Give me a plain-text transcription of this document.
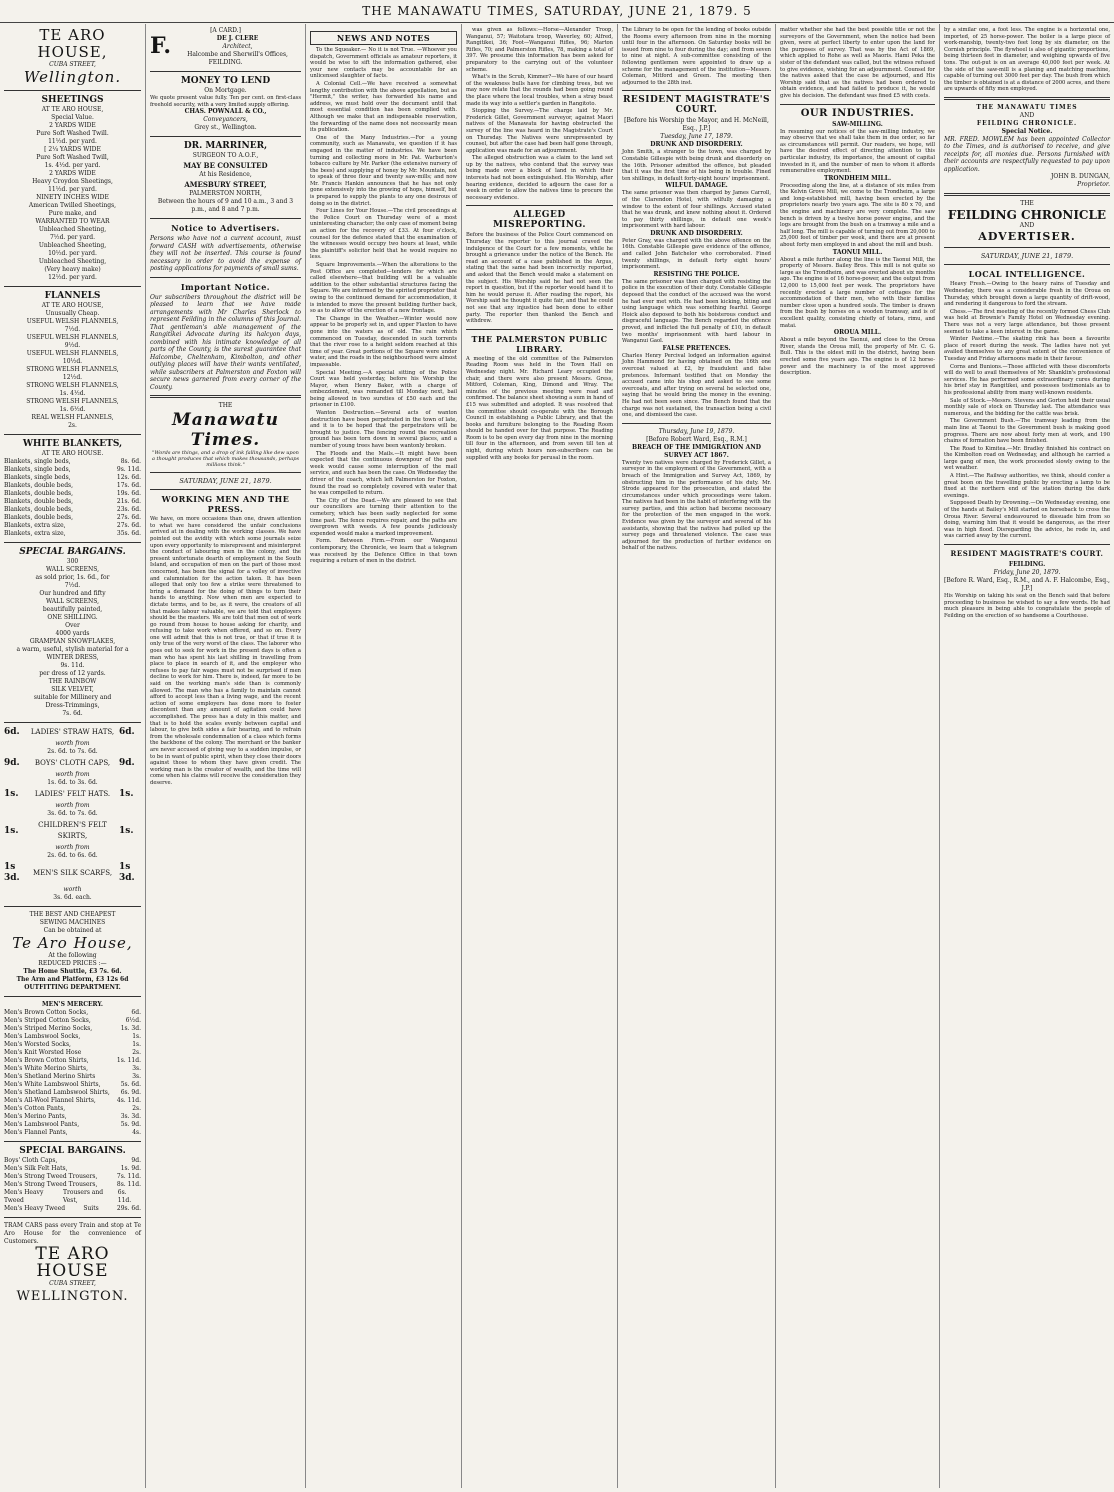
THE MANAWATU TIMES, SATURDAY, JUNE 21, 1879. 5
TE ARO HOUSE,
CUBA STREET,
Wellington.
SHEETINGS
AT TE ARO HOUSE,
Special Value.
2 YARDS WIDE
Pure Soft Washed Twill.
11½d. per yard.
[ 2¼ YARDS WIDE
Pure Soft Washed Twill,
1s. 4½d. per yard.
2 YARDS WIDE
Heavy Croydon Sheetings,
11½d. per yard.
NINETY INCHES WIDE
American Twilled Sheetings,
Pure make, and
WARRANTED TO WEAR
Unbleached Sheeting,
7½d. per yard.
Unbleached Sheeting,
10½d. per yard.
Unbleached Sheeting,
(Very heavy make)
12½d. per yard.
FLANNELS
AT TE ARO HOUSE,
Unusually Cheap.
USEFUL WELSH FLANNELS,
7½d.
USEFUL WELSH FLANNELS,
9½d.
USEFUL WELSH FLANNELS,
10½d.
STRONG WELSH FLANNELS,
12½d.
STRONG WELSH FLANNELS,
1s. 4½d.
STRONG WELSH FLANNELS,
1s. 6½d.
REAL WELSH FLANNELS,
2s.
WHITE BLANKETS,
AT TE ARO HOUSE.
Blankets, single beds,	8s. 6d.
Blankets, single beds,	9s. 11d.
Blankets, single beds,	12s. 6d.
Blankets, double beds,	17s. 6d.
Blankets, double beds,	19s. 6d.
Blankets, double beds,	21s. 6d.
Blankets, double beds,	23s. 6d.
Blankets, double beds,	27s. 6d.
Blankets, extra size,	27s. 6d.
Blankets, extra size,	35s. 6d.
SPECIAL BARGAINS.
300
WALL SCREENS,
as sold prior, 1s. 6d., for
7½d.
Our hundred and fifty
WALL SCREENS,
beautifully painted,
ONE SHILLING.
Over
4000 yards
GRAMPIAN SNOWFLAKES,
a warm, useful, stylish material for a
WINTER DRESS,
9s. 11d.
per dress of 12 yards.
THE RAINBOW
SILK VELVET,
suitable for Millinery and
Dress-Trimmings,
7s. 6d.
6d.	LADIES' STRAW HATS, 6d.
worth from
2s. 6d. to 7s. 6d.
9d.	BOYS' CLOTH CAPS, 9d.
worth from
1s. 6d. to 3s. 6d.
1s.	LADIES' FELT HATS. 1s.
worth from
3s. 6d. to 7s. 6d.
1s.
CHILDREN'S FELT SKIRTS,
1s.
worth from
2s. 6d. to 6s. 6d.
1s 3d.
MEN'S SILK SCARFS,
1s 3d.
worth
3s. 6d. each.
THE BEST AND CHEAPEST
SEWING MACHINES
Can be obtained at
Te Aro House,
At the following
REDUCED PRICES :—
The Home Shuttle, £3 7s. 6d.
The Arm and Platform, £3 12s 6d
OUTFITTING DEPARTMENT.
MEN'S MERCERY.
Men's Brown Cotton Socks,	6d.
Men's Striped Cotton Socks,	6½d.
Men's Striped Merino Socks,	1s. 3d.
Men's Lambswool Socks,	1s.
Men's Worsted Socks,	1s.
Men's Knit Worsted Hose	2s.
Men's Brown Cotton Shirts,	1s. 11d.
Men's White Merino Shirts,	3s.
Men's Shetland Merino Shirts	3s.
Men's White Lambswool Shirts,	5s. 6d.
Men's Shetland Lambswool Shirts, 6s. 9d.
Men's All-Wool Flannel Shirts,	4s. 11d.
Men's Cotton Pants,	2s.
Men's Merino Pants,	3s. 3d.
Men's Lambswool Pants,	5s. 9d.
Men's Flannel Pants,	4s.
SPECIAL BARGAINS.
Boys' Cloth Caps,	9d.
Men's Silk Felt Hats,	1s. 9d.
Men's Strong Tweed Trousers,	7s. 11d.
Men's Strong Tweed Trousers,	8s. 11d.
Men's Heavy Tweed
Trousers and Vest,
6s. 11d.
Men's Heavy Tweed	Suits	29s. 6d.
TRAM CARS pass every Train and stop at Te Aro House for the convenience of Customers.
TE ARO HOUSE
CUBA STREET,
WELLINGTON.
[A CARD.]
F.	DE J. CLERE
Architect,
Halcombe and Sherwill's Offices,
FEILDING.
MONEY TO LEND
On Mortgage.
We quote present value fully. Ten per cent. on first-class freehold security, with a very limited supply offering.
CHAS. POWNALL & CO.,
Conveyancers,
Grey st., Wellington.
DR. MARRINER,
SURGEON TO A.O.F.,
MAY BE CONSULTED
At his Residence,
AMESBURY STREET,
PALMERSTON NORTH,
Between the hours of 9 and 10 a.m., 3 and 3 p.m., and 8 and 7 p.m.
Notice to Advertisers.
Persons who have not a current account, must forward CASH with advertisements, otherwise they will not be inserted. This course is found necessary in order to avoid the expense of posting applications for payments of small sums.
Important Notice.
Our subscribers throughout the district will be pleased to learn that we have made arrangements with Mr Charles Sherlock to represent Feilding in the columns of this Journal. That gentleman's able management of the Rangitikei Advocate during its halcyon days, combined with his intimate knowledge of all parts of the County, is the surest guarantee that Halcombe, Cheltenham, Kimbolton, and other outlying places will have their wants ventilated, while subscribers at Palmerston and Foxton will secure news garnered from every corner of the County.
THE
Manawatu Times.
"Words are things, and a drop of ink falling like dew upon a thought produces that which makes thousands, perhaps millions think."
SATURDAY, JUNE 21, 1879.
WORKING MEN AND THE PRESS.
We have, on more occasions than one, drawn attention to what we have considered the unfair conclusions arrived at in dealing with the working classes. We have pointed out the avidity with which some journals seize upon every opportunity to misrepresent and misinterpret the conduct of labouring men in the colony, and the present unfortunate dearth of employment in the South Island, and occupation of men on the part of those most concerned, has been the signal for a volley of invective and calumniation for the action taken. It has been alleged that only too few a strike were threatened to bring a demand for the doing of things to turn their hands to anything. Now when men are expected to dictate terms, and to be, as it were, the creators of all that makes labour valuable, we are told that employers should be the masters. We are told that men out of work go round from house to house asking for charity, and refusing to take work when offered, and so on. Every one will admit that this is not true, or that if true it is only true of the very worst of the class. The laborer who goes out to seek for work in the present days is often a man who has spent his last shilling in travelling from place to place in search of it, and the employer who refuses to pay fair wages must not be surprised if men decline to work for him. There is, indeed, far more to be said on the working man's side than is commonly allowed. The man who has a family to maintain cannot afford to accept less than a living wage, and the recent action of some employers has done more to foster discontent than any amount of agitation could have accomplished. The press has a duty in this matter, and that is to hold the scales evenly between capital and labour, to give both sides a fair hearing, and to refrain from the wholesale condemnation of a class which forms the backbone of the colony. The merchant or the banker are never accused of giving way to a sudden impulse, or to be in want of public spirit, when they close their doors against those to whom they have given credit. The working man is the creator of wealth, and the time will come when his claims will receive the consideration they deserve.
NEWS AND NOTES
To the Squeaker.— No it is not True. —Whoever you dispatch, Government officials as amateur reporters, it would be wise to sift the information gathered, else your new contacts may be accountable for an unlicensed slaughter of facts.
A Colonial Cell.—We have received a somewhat lengthy contribution with the above appellation, but as "Hermit," the writer, has forwarded his name and address, we must hold over the document until that most essential condition has been complied with. Although we make that an indispensable reservation, the forwarding of the name does not necessarily mean its publication.
One of the Many Industries.—For a young community, such as Manawatu, we question if it has engaged in the matter of industries. We have been turning and collecting more in Mr. Pat. Warburton's tobacco culture by Mr. Parker (the extensive nursery of the bees) and supplying of honey by Mr. Mountain, not to speak of three flour and twenty saw-mills; and now Mr. Francis Hankin announces that he has not only gone extensively into the growing of hops, himself, but is prepared to supply the plants to any one desirous of doing so in the district.
Four Lines for Your House.—The civil proceedings at the Police Court on Thursday were of a most uninteresting character; the only case of moment being an action for the recovery of £33. At four o'clock, counsel for the defence stated that the examination of the witnesses would occupy two hours at least, while the plaintiff's solicitor held that he would require no less.
Square Improvements.—When the alterations to the Post Office are completed—tenders for which are called elsewhere—that building will be a valuable addition to the other substantial structures facing the Square. We are informed by the spirited proprietor that owing to the continued demand for accommodation, it is intended to move the present building further back, so as to allow of the erection of a new frontage.
The Change in the Weather.—Winter would now appear to be properly set in, and upper Flaxton to have gone into the waters as of old. The rain which commenced on Tuesday, descended in such torrents that the river rose to a height seldom reached at this time of year. Great portions of the Square were under water, and the roads in the neighbourhood were almost impassable.
Special Meeting.—A special sitting of the Police Court was held yesterday, before his Worship the Mayor, when Henry Baker, with a charge of embezzlement, was remanded till Monday next, bail being allowed in two sureties of £50 each and the prisoner in £100.
Wanton Destruction.—Several acts of wanton destruction have been perpetrated in the town of late, and it is to be hoped that the perpetrators will be brought to justice. The fencing round the recreation ground has been torn down in several places, and a number of young trees have been wantonly broken.
The Floods and the Mails.—It might have been expected that the continuous downpour of the past week would cause some interruption of the mail service, and such has been the case. On Wednesday the driver of the coach, which left Palmerston for Foxton, found the road so completely covered with water that he was compelled to return.
The City of the Dead.—We are pleased to see that our councillors are turning their attention to the cemetery, which has been sadly neglected for some time past. The fence requires repair, and the paths are overgrown with weeds. A few pounds judiciously expended would make a marked improvement.
Form. Between Firm.—From our Wanganui contemporary, the Chronicle, we learn that a telegram was received by the Defence Office in that town requiring a return of men in the district.
was given as follows:—Horse—Alexander Troop, Wanganui, 57; Waitotara troop, Waverley, 60; Alfred, Rangitikei, 36; Foot—Wanganui Rifles, 96; Marton Rifles, 70; and Palmerston Rifles, 78, making a total of 397. We presume this information has been asked for preparatory to the carrying out of the volunteer scheme.
What's in the Scrub, Kimmer?—We have of our heard of the weakness bulls have for climbing trees, but we may now relate that the rounds had been going round the place where the local troubles, when a stray beast made its way into a settler's garden in Rangitoto.
Stopping the Survey.—The charge laid by Mr. Frederick Gillet, Government surveyor, against Maori natives of the Manawatu for having obstructed the survey of the line was heard in the Magistrate's Court on Thursday. The Natives were unrepresented by counsel, but after the case had been half gone through, application was made for an adjournment.
The alleged obstruction was a claim to the land set up by the natives, who contend that the survey was being made over a block of land in which their interests had not been extinguished. His Worship, after hearing evidence, decided to adjourn the case for a week in order to allow the natives time to procure the necessary evidence.
ALLEGED MISREPORTING.
Before the business of the Police Court commenced on Thursday the reporter to this journal craved the indulgence of the Court for a few moments, while he brought a grievance under the notice of the Bench. He read an account of a case published in the Argus, stating that the same had been incorrectly reported, and asked that the Bench would make a statement on the subject. His Worship said he had not seen the report in question, but if the reporter would hand it to him he would peruse it. After reading the report, his Worship said he thought it quite fair, and that he could not see that any injustice had been done to either party. The reporter then thanked the Bench and withdrew.
THE PALMERSTON PUBLIC LIBRARY.
A meeting of the old committee of the Palmerston Reading Room was held in the Town Hall on Wednesday night. Mr. Richard Leary occupied the chair, and there were also present Messrs. Gress, Mitford, Coleman, King, Dimond and Wray. The minutes of the previous meeting were read and confirmed. The balance sheet showing a sum in hand of £15 was submitted and adopted. It was resolved that the committee should co-operate with the Borough Council in establishing a Public Library, and that the books and furniture belonging to the Reading Room should be handed over for that purpose. The Reading Room is to be open every day from nine in the morning till four in the afternoon, and from seven till ten at night, during which hours non-subscribers can be supplied with any books for perusal in the room.
The Library to be open for the lending of books outside the Rooms every afternoon from nine in the morning until four in the afternoon. On Saturday books will be issued from nine to four during the day; and from seven to nine at night. A sub-committee consisting of the following gentlemen were appointed to draw up a scheme for the management of the institution—Messrs. Coleman, Mitford and Green. The meeting then adjourned to the 28th inst.
RESIDENT MAGISTRATE'S COURT.
[Before his Worship the Mayor, and H. McNeill, Esq., J.P.]
Tuesday, June 17, 1879.
DRUNK AND DISORDERLY.
John Smith, a stranger to the town, was charged by Constable Gillespie with being drunk and disorderly on the 16th. Prisoner admitted the offence, but pleaded that it was the first time of his being in trouble. Fined ten shillings, in default forty-eight hours' imprisonment.
WILFUL DAMAGE.
The same prisoner was then charged by James Carroll, of the Clarendon Hotel, with wilfully damaging a window to the extent of four shillings. Accused stated that he was drunk, and knew nothing about it. Ordered to pay thirty shillings, in default one week's imprisonment with hard labour.
DRUNK AND DISORDERLY.
Peter Gray, was charged with the above offence on the 16th. Constable Gillespie gave evidence of the offence, and called John Batchelor who corroborated. Fined twenty shillings, in default forty eight hours' imprisonment.
RESISTING THE POLICE.
The same prisoner was then charged with resisting the police in the execution of their duty. Constable Gillespie deposed that the conduct of the accused was the worst he had ever met with. He had been kicking, biting and using language which was something fearful. George Hoick also deposed to both his boisterous conduct and disgraceful language. The Bench regarded the offence proved, and inflicted the full penalty of £10, in default two months' imprisonment with hard labour in Wanganui Gaol.
FALSE PRETENCES.
Charles Henry Percival lodged an information against John Hammond for having obtained on the 16th one overcoat valued at £2, by fraudulent and false pretences. Informant testified that on Monday the accused came into his shop and asked to see some overcoats, and after trying on several he selected one, saying that he would bring the money in the evening. He had not been seen since. The Bench found that the charge was not sustained, the transaction being a civil one, and dismissed the case.
Thursday, June 19, 1879.
[Before Robert Ward, Esq., R.M.]
BREACH OF THE IMMIGRATION AND SURVEY ACT 1867.
Twenty two natives were charged by Frederick Gillet, a surveyor in the employment of the Government, with a breach of the Immigration and Survey Act, 1869, by obstructing him in the performance of his duty. Mr. Strode appeared for the prosecution, and stated the circumstances under which proceedings were taken. The natives had been in the habit of interfering with the survey parties, and this action had become necessary for the protection of the men engaged in the work. Evidence was given by the surveyor and several of his assistants, showing that the natives had pulled up the survey pegs and threatened violence. The case was adjourned for the production of further evidence on behalf of the natives.
matter whether she had the best possible title or not the surveyors of the Government, when the notice had been given, were at perfect liberty to enter upon the land for the purposes of survey. That was by the Act of 1869, which applied to Rohe as well as Maoris. Hami Peka the sister of the defendant was called, but the witness refused to give evidence, wishing for an adjournment. Counsel for the natives asked that the case be adjourned, and His Worship said that as the natives had been ordered to obtain evidence, and had failed to produce it, he would give his decision. The defendant was fined £5 with costs.
OUR INDUSTRIES.
SAW-MILLING.
In resuming our notices of the saw-milling industry, we may observe that we shall take them in due order, so far as circumstances will permit. Our readers, we hope, will have the desired effect of directing attention to this particular industry, its importance, the amount of capital invested in it, and the number of men to whom it affords remunerative employment.
TRONDHEIM MILL.
Proceeding along the line, at a distance of six miles from the Kelvin Grove Mill, we come to the Trondheim, a large and long-established mill, having been erected by the proprietors nearly two years ago. The site is 80 x 70, and the engine and machinery are very complete. The saw bench is driven by a twelve horse power engine, and the logs are brought from the bush on a tramway a mile and a half long. The mill is capable of turning out from 20,000 to 25,000 feet of timber per week, and there are at present about forty men employed in and about the mill and bush.
TAONUI MILL.
About a mile further along the line is the Taonui Mill, the property of Messrs. Bailey Bros. This mill is not quite so large as the Trondheim, and was erected about six months ago. The engine is of 16 horse-power, and the output from 12,000 to 15,000 feet per week. The proprietors have recently erected a large number of cottages for the accommodation of their men, who with their families number close upon a hundred souls. The timber is drawn from the bush by horses on a wooden tramway, and is of excellent quality, consisting chiefly of totara, rimu, and matai.
OROUA MILL.
About a mile beyond the Taonui, and close to the Oroua River, stands the Oroua mill, the property of Mr. C. G. Bull. This is the oldest mill in the district, having been erected some five years ago. The engine is of 12 horse-power and the machinery is of the most approved description.
by a similar one, a foot less. The engine is a horizontal one, imported, of 25 horse-power. The boiler is a large piece of work-manship, twenty-two feet long by six diameter, on the Cornish principle. The flywheel is also of gigantic proportions, being thirteen feet in diameter, and weighing upwards of five tons. The out-put is on an average 40,000 feet per week. At the side of the saw-mill is a planing and matching machine, capable of turning out 3000 feet per day. The bush from which the timber is obtained is at a distance of 2000 acres, and there are upwards of fifty men employed.
THE MANAWATU TIMES
AND
FEILDING CHRONICLE.
Special Notice.
MR. FRED. MOWLEM has been appointed Collector to the Times, and is authorised to receive, and give receipts for, all monies due. Persons furnished with their accounts are respectfully requested to pay upon application.
JOHN B. DUNGAN,
Proprietor.
THE
FEILDING CHRONICLE
AND
ADVERTISER.
SATURDAY, JUNE 21, 1879.
LOCAL INTELLIGENCE.
Heavy Fresh.—Owing to the heavy rains of Tuesday and Wednesday, there was a considerable fresh in the Oroua on Thursday, which brought down a large quantity of drift-wood, and rendering it dangerous to ford the stream.
Chess.—The first meeting of the recently formed Chess Club was held at Brownie's Family Hotel on Wednesday evening. There was not a very large attendance, but those present seemed to take a keen interest in the game.
Winter Pastime.—The skating rink has been a favourite place of resort during the week. The ladies have not yet availed themselves to any great extent of the convenience of Tuesday and Friday afternoons made in their favour.
Corns and Bunions.—Those afflicted with these discomforts will do well to avail themselves of Mr. Shanklin's professional services. He has performed some extraordinary cures during his brief stay in Rangitikei, and possesses testimonials as to his professional ability from many well-known residents.
Sale of Stock.—Messrs. Stevens and Gorton held their usual monthly sale of stock on Thursday last. The attendance was numerous, and the bidding for the cattle was brisk.
The Government Bush.—The tramway leading from the main line at Taonui to the Government bush is making good progress. There are now about forty men at work, and 190 chains of formation have been finished.
The Road to Kimitea.—Mr. Bradley finished his contract on the Kimbolton road on Wednesday, and although he carried a large gang of men, the work proceeded slowly owing to the wet weather.
A Hint.—The Railway authorities, we think, should confer a great boon on the travelling public by erecting a lamp to be fixed at the northern end of the station during the dark evenings.
Supposed Death by Drowning.—On Wednesday evening, one of the hands at Bailey's Mill started on horseback to cross the Oroua River. Several endeavoured to dissuade him from so doing, warning him that it would be dangerous, as the river was in high flood. Disregarding the advice, he rode in, and was carried away by the current.
RESIDENT MAGISTRATE'S COURT.
FEILDING.
Friday, June 20, 1879.
[Before R. Ward, Esq., R.M., and A. F. Halcombe, Esq., J.P.]
His Worship on taking his seat on the Bench said that before proceeding to business he wished to say a few words. He had much pleasure in being able to congratulate the people of Feilding on the erection of so handsome a Courthouse.
